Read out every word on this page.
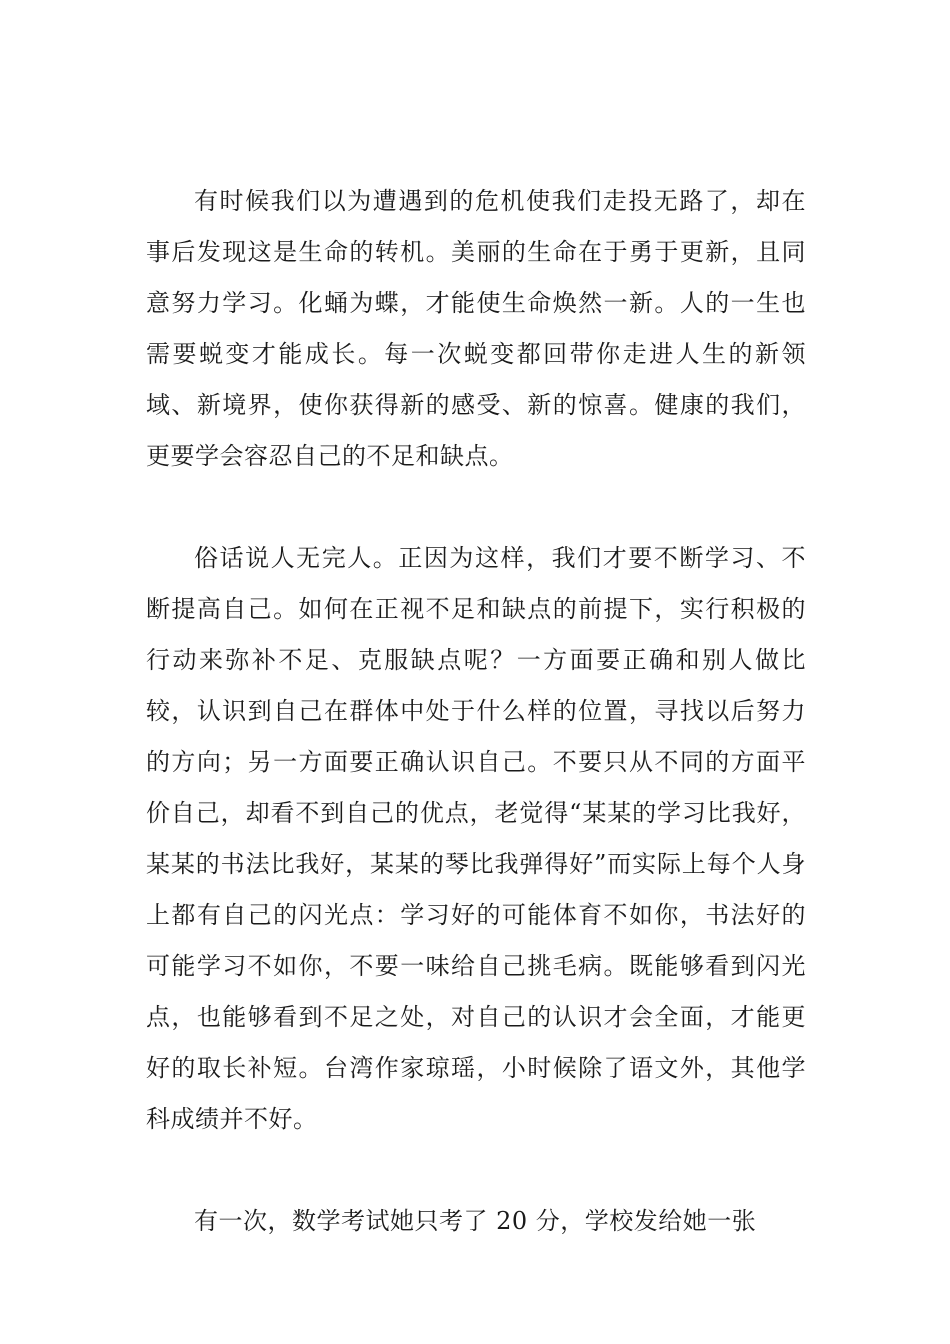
有时候我们以为遭遇到的危机使我们走投无路了，却在事后发现这是生命的转机。美丽的生命在于勇于更新，且同意努力学习。化蛹为蝶，才能使生命焕然一新。人的一生也需要蜕变才能成长。每一次蜕变都回带你走进人生的新领域、新境界，使你获得新的感受、新的惊喜。健康的我们，更要学会容忍自己的不足和缺点。

俗话说人无完人。正因为这样，我们才要不断学习、不断提高自己。如何在正视不足和缺点的前提下，实行积极的行动来弥补不足、克服缺点呢？一方面要正确和别人做比较，认识到自己在群体中处于什么样的位置，寻找以后努力的方向；另一方面要正确认识自己。不要只从不同的方面平价自己，却看不到自己的优点，老觉得“某某的学习比我好，某某的书法比我好，某某的琴比我弹得好”而实际上每个人身上都有自己的闪光点：学习好的可能体育不如你，书法好的可能学习不如你，不要一味给自己挑毛病。既能够看到闪光点，也能够看到不足之处，对自己的认识才会全面，才能更好的取长补短。台湾作家琼瑶，小时候除了语文外，其他学科成绩并不好。

有一次，数学考试她只考了 20 分，学校发给她一张
